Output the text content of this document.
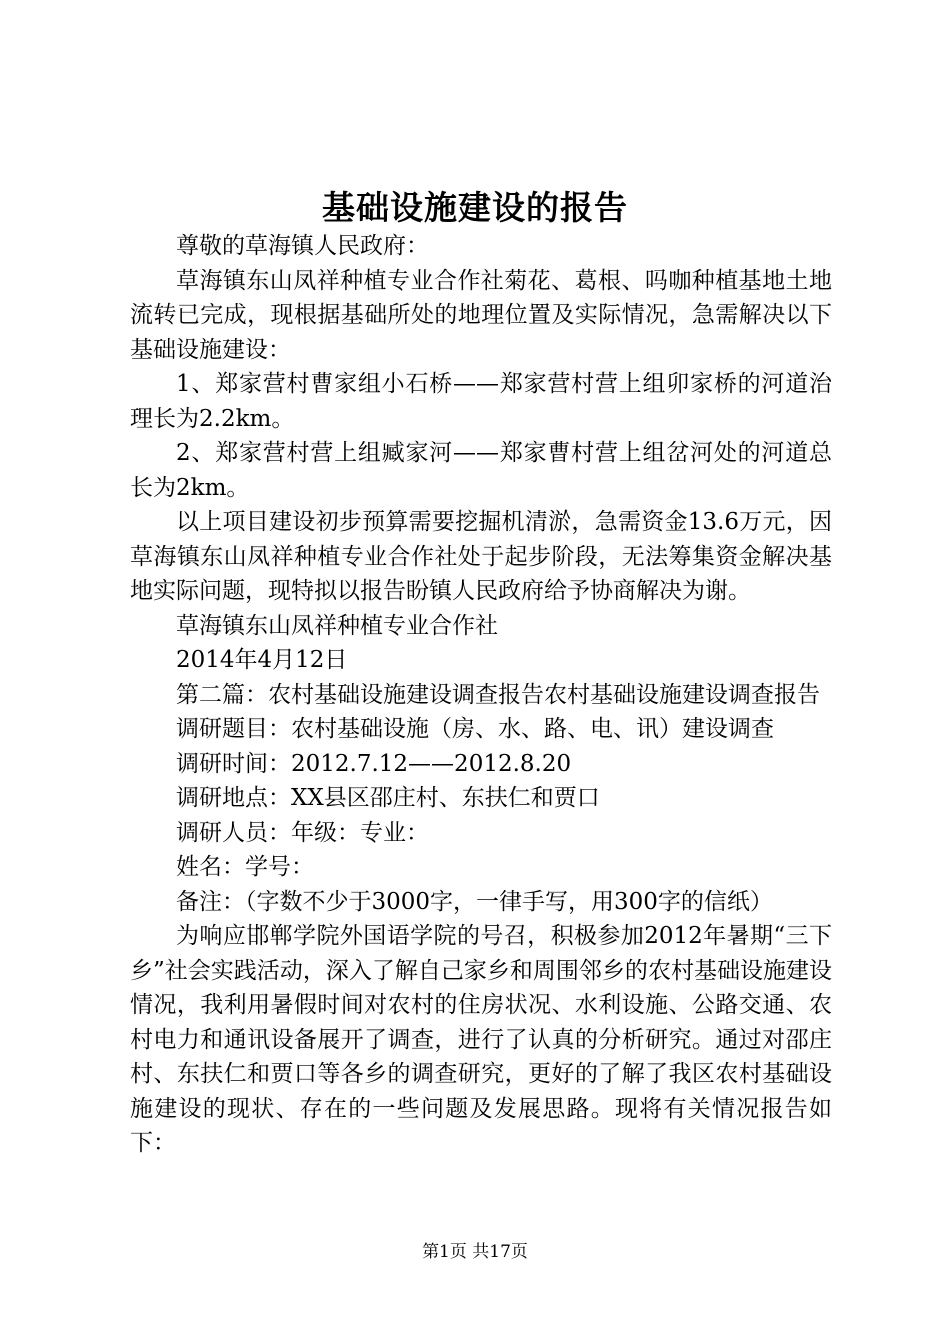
基础设施建设的报告

尊敬的草海镇人民政府：

草海镇东山凤祥种植专业合作社菊花、葛根、吗咖种植基地土地流转已完成，现根据基础所处的地理位置及实际情况，急需解决以下基础设施建设：

1、郑家营村曹家组小石桥——郑家营村营上组卯家桥的河道治理长为2.2km。

2、郑家营村营上组臧家河——郑家曹村营上组岔河处的河道总长为2km。

以上项目建设初步预算需要挖掘机清淤，急需资金13.6万元，因草海镇东山凤祥种植专业合作社处于起步阶段，无法筹集资金解决基地实际问题，现特拟以报告盼镇人民政府给予协商解决为谢。

草海镇东山凤祥种植专业合作社

2014年4月12日

第二篇：农村基础设施建设调查报告农村基础设施建设调查报告

调研题目：农村基础设施（房、水、路、电、讯）建设调查

调研时间：2012.7.12——2012.8.20

调研地点：XX县区邵庄村、东扶仁和贾口

调研人员：年级：专业：

姓名：学号：

备注：（字数不少于3000字，一律手写，用300字的信纸）

为响应邯郸学院外国语学院的号召，积极参加2012年暑期“三下乡”社会实践活动，深入了解自己家乡和周围邻乡的农村基础设施建设情况，我利用暑假时间对农村的住房状况、水利设施、公路交通、农村电力和通讯设备展开了调查，进行了认真的分析研究。通过对邵庄村、东扶仁和贾口等各乡的调查研究，更好的了解了我区农村基础设施建设的现状、存在的一些问题及发展思路。现将有关情况报告如下：

第1页 共17页
